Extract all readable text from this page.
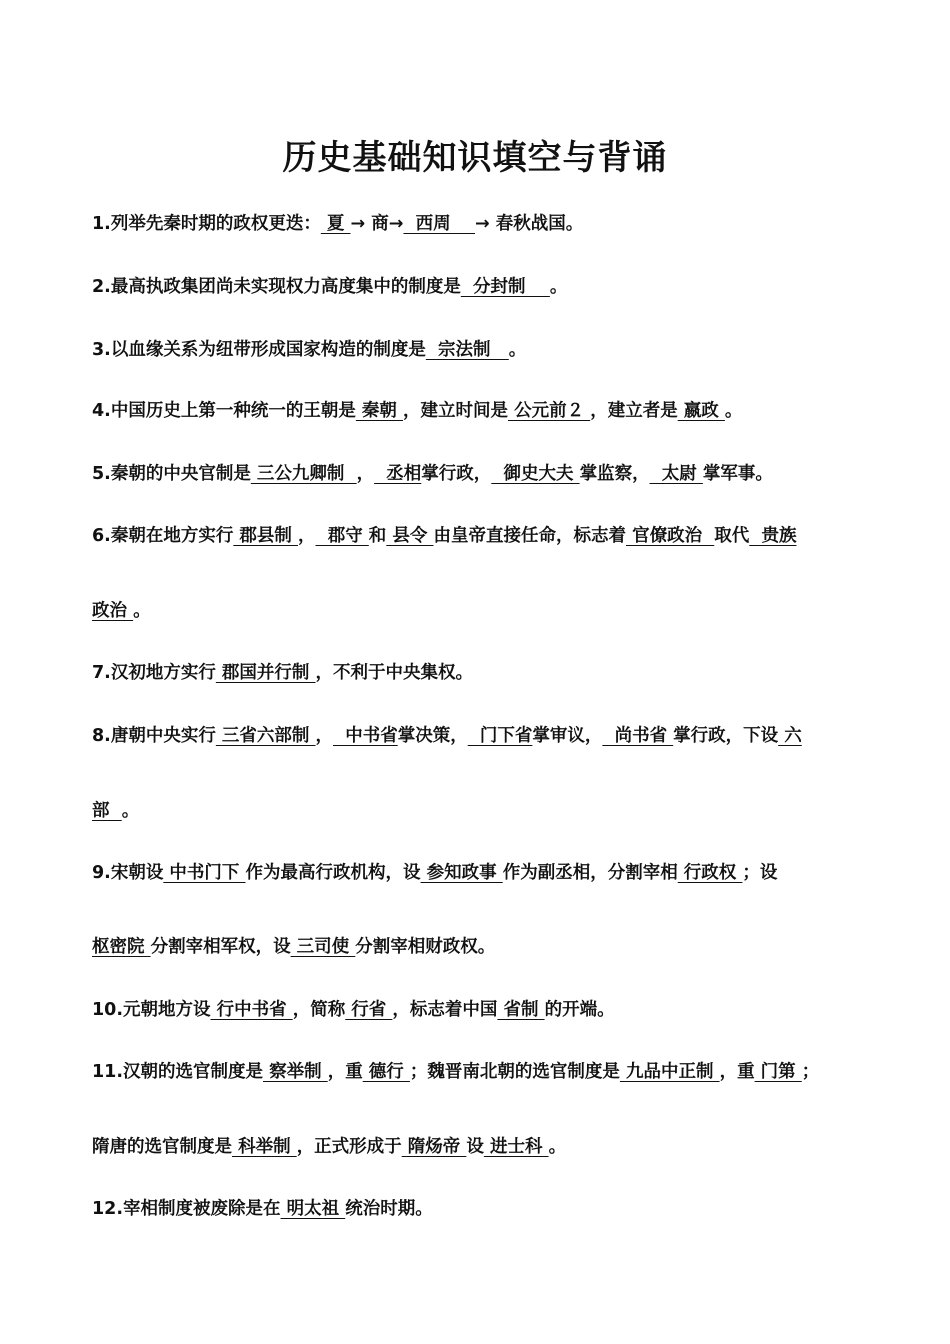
历史基础知识填空与背诵
1.列举先秦时期的政权更迭： 夏 → 商→  西周    → 春秋战国。
2.最高执政集团尚未实现权力高度集中的制度是  分封制    。
3.以血缘关系为纽带形成国家构造的制度是  宗法制   。
4.中国历史上第一种统一的王朝是 秦朝 ，建立时间是 公元前２ ，建立者是 嬴政 。
5.秦朝的中央官制是 三公九卿制  ，  丞相掌行政，  御史大夫 掌监察，  太尉 掌军事。
6.秦朝在地方实行 郡县制 ，  郡守 和 县令 由皇帝直接任命，标志着 官僚政治  取代  贵族
政治 。
7.汉初地方实行 郡国并行制 ，不利于中央集权。
8.唐朝中央实行 三省六部制 ，  中书省掌决策，  门下省掌审议，  尚书省 掌行政，下设 六
部  。
9.宋朝设 中书门下 作为最高行政机构，设 参知政事 作为副丞相，分割宰相 行政权 ；设
枢密院 分割宰相军权，设 三司使 分割宰相财政权。
10.元朝地方设 行中书省 ，简称 行省 ，标志着中国 省制 的开端。
11.汉朝的选官制度是 察举制 ，重 德行 ；魏晋南北朝的选官制度是 九品中正制 ，重 门第 ；
隋唐的选官制度是 科举制 ，正式形成于 隋炀帝 设 进士科 。
12.宰相制度被废除是在 明太祖 统治时期。
